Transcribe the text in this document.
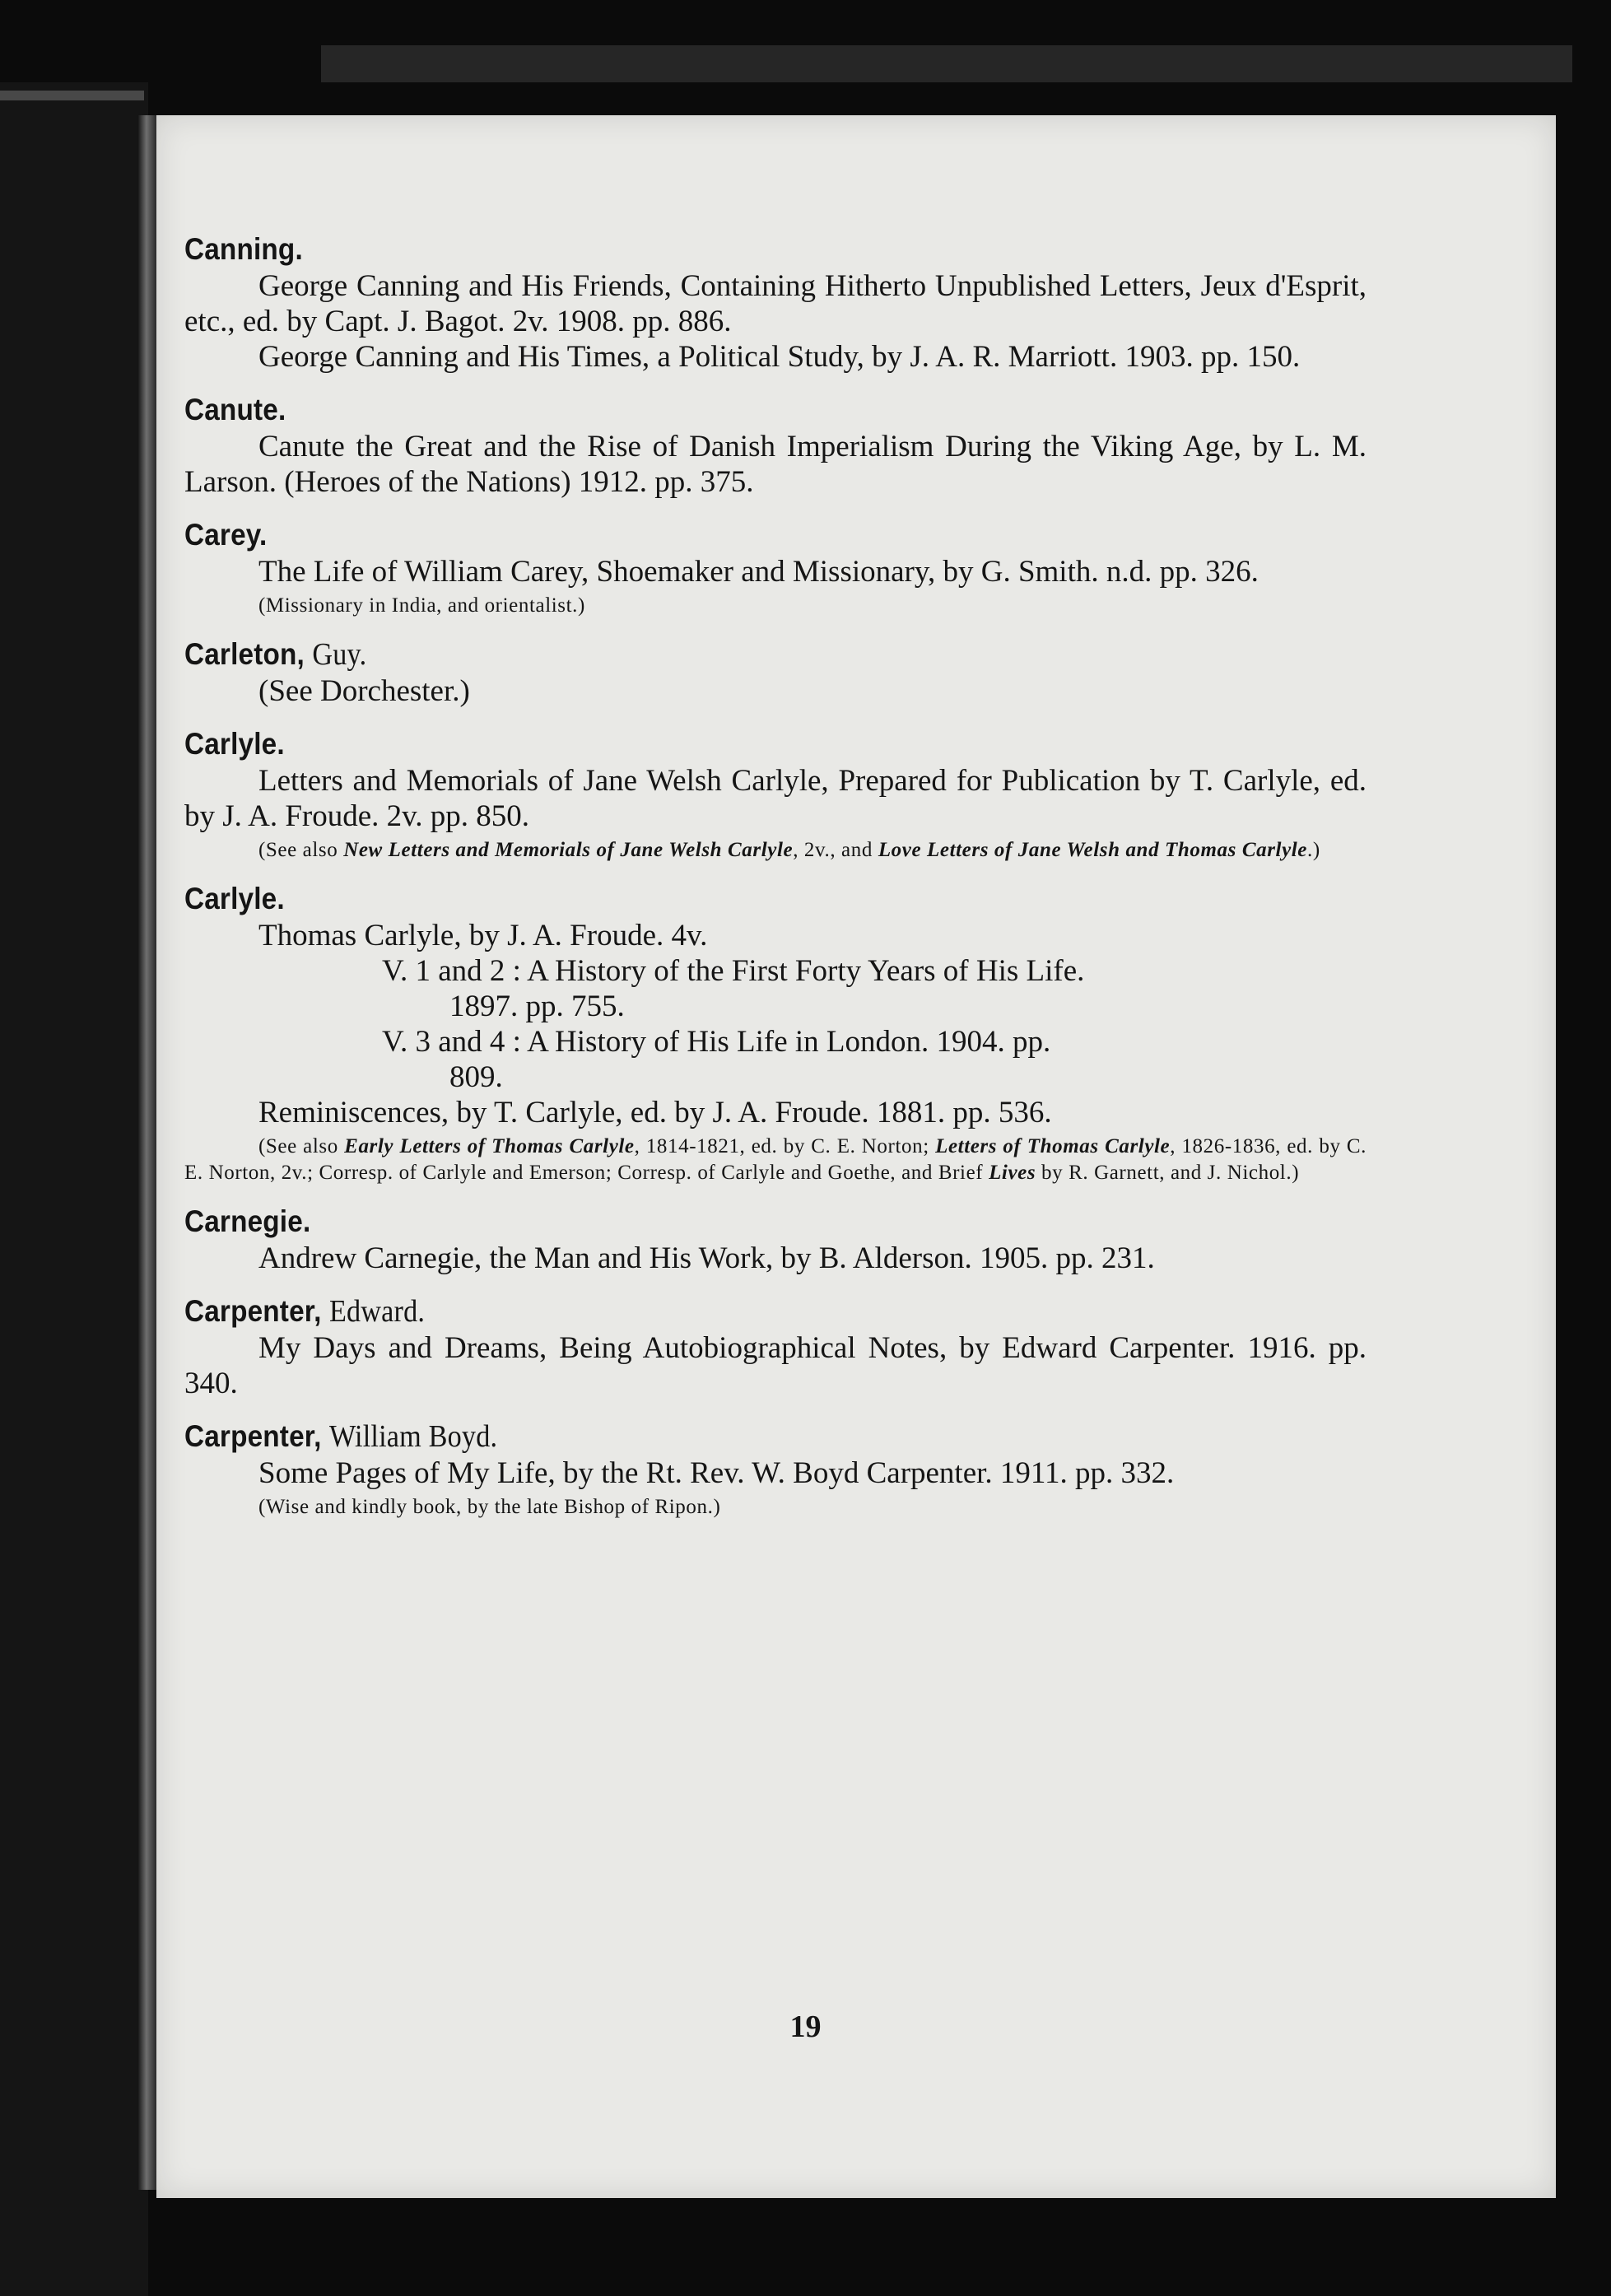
Canning.

George Canning and His Friends, Containing Hitherto Unpublished Letters, Jeux d'Esprit, etc., ed. by Capt. J. Bagot. 2v. 1908. pp. 886.

George Canning and His Times, a Political Study, by J. A. R. Marriott. 1903. pp. 150.

Canute.

Canute the Great and the Rise of Danish Imperialism During the Viking Age, by L. M. Larson. (Heroes of the Nations) 1912. pp. 375.

Carey.

The Life of William Carey, Shoemaker and Missionary, by G. Smith. n.d. pp. 326.

(Missionary in India, and orientalist.)

Carleton, Guy.

(See Dorchester.)

Carlyle.

Letters and Memorials of Jane Welsh Carlyle, Prepared for Publication by T. Carlyle, ed. by J. A. Froude. 2v. pp. 850.

(See also New Letters and Memorials of Jane Welsh Carlyle, 2v., and Love Letters of Jane Welsh and Thomas Carlyle.)

Carlyle.

Thomas Carlyle, by J. A. Froude. 4v.

V. 1 and 2 : A History of the First Forty Years of His Life.
1897. pp. 755.

V. 3 and 4 : A History of His Life in London. 1904. pp.
809.

Reminiscences, by T. Carlyle, ed. by J. A. Froude. 1881. pp. 536.

(See also Early Letters of Thomas Carlyle, 1814-1821, ed. by C. E. Norton; Letters of Thomas Carlyle, 1826-1836, ed. by C. E. Norton, 2v.; Corresp. of Carlyle and Emerson; Corresp. of Carlyle and Goethe, and Brief Lives by R. Garnett, and J. Nichol.)

Carnegie.

Andrew Carnegie, the Man and His Work, by B. Alderson. 1905. pp. 231.

Carpenter, Edward.

My Days and Dreams, Being Autobiographical Notes, by Edward Carpenter. 1916. pp. 340.

Carpenter, William Boyd.

Some Pages of My Life, by the Rt. Rev. W. Boyd Carpenter. 1911. pp. 332.

(Wise and kindly book, by the late Bishop of Ripon.)

19
